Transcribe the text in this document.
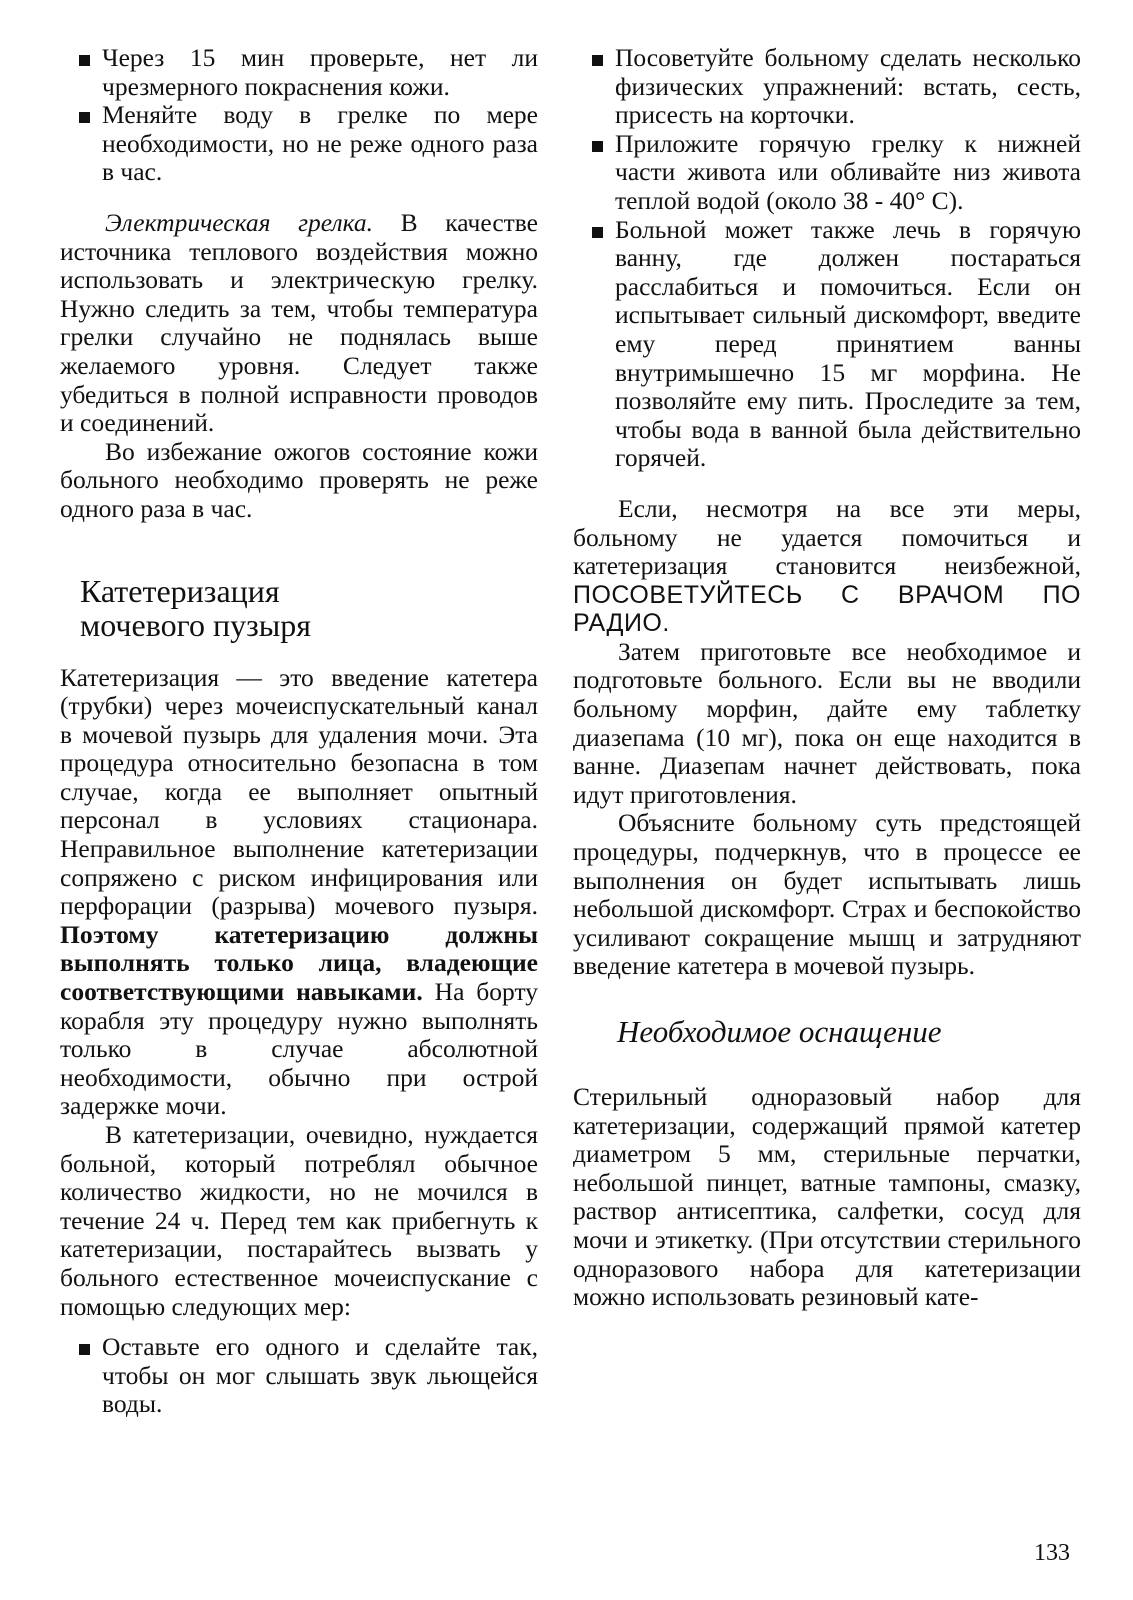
Через 15 мин проверьте, нет ли чрезмерного покраснения кожи.
Меняйте воду в грелке по мере необходимости, но не реже одного раза в час.

Электрическая грелка. В качестве источника теплового воздействия можно использовать и электрическую грелку. Нужно следить за тем, чтобы температура грелки случайно не поднялась выше желаемого уровня. Следует также убедиться в полной исправности проводов и соединений.

Во избежание ожогов состояние кожи больного необходимо проверять не реже одного раза в час.

Катетеризация
мочевого пузыря

Катетеризация — это введение катетера (трубки) через мочеиспускательный канал в мочевой пузырь для удаления мочи. Эта процедура относительно безопасна в том случае, когда ее выполняет опытный персонал в условиях стационара. Неправильное выполнение катетеризации сопряжено с риском инфицирования или перфорации (разрыва) мочевого пузыря. Поэтому катетеризацию должны выполнять только лица, владеющие соответствующими навыками. На борту корабля эту процедуру нужно выполнять только в случае абсолютной необходимости, обычно при острой задержке мочи.

В катетеризации, очевидно, нуждается больной, который потреблял обычное количество жидкости, но не мочился в течение 24 ч. Перед тем как прибегнуть к катетеризации, постарайтесь вызвать у больного естественное мочеиспускание с помощью следующих мер:

Оставьте его одного и сделайте так, чтобы он мог слышать звук льющейся воды.
Посоветуйте больному сделать несколько физических упражнений: встать, сесть, присесть на корточки.
Приложите горячую грелку к нижней части живота или обливайте низ живота теплой водой (около 38 - 40° С).
Больной может также лечь в горячую ванну, где должен постараться расслабиться и помочиться. Если он испытывает сильный дискомфорт, введите ему перед принятием ванны внутримышечно 15 мг морфина. Не позволяйте ему пить. Проследите за тем, чтобы вода в ванной была действительно горячей.

Если, несмотря на все эти меры, больному не удается помочиться и катетеризация становится неизбежной, ПОСОВЕТУЙТЕСЬ С ВРАЧОМ ПО РАДИО.

Затем приготовьте все необходимое и подготовьте больного. Если вы не вводили больному морфин, дайте ему таблетку диазепама (10 мг), пока он еще находится в ванне. Диазепам начнет действовать, пока идут приготовления.

Объясните больному суть предстоящей процедуры, подчеркнув, что в процессе ее выполнения он будет испытывать лишь небольшой дискомфорт. Страх и беспокойство усиливают сокращение мышц и затрудняют введение катетера в мочевой пузырь.

Необходимое оснащение

Стерильный одноразовый набор для катетеризации, содержащий прямой катетер диаметром 5 мм, стерильные перчатки, небольшой пинцет, ватные тампоны, смазку, раствор антисептика, салфетки, сосуд для мочи и этикетку. (При отсутствии стерильного одноразового набора для катетеризации можно использовать резиновый кате-

133
